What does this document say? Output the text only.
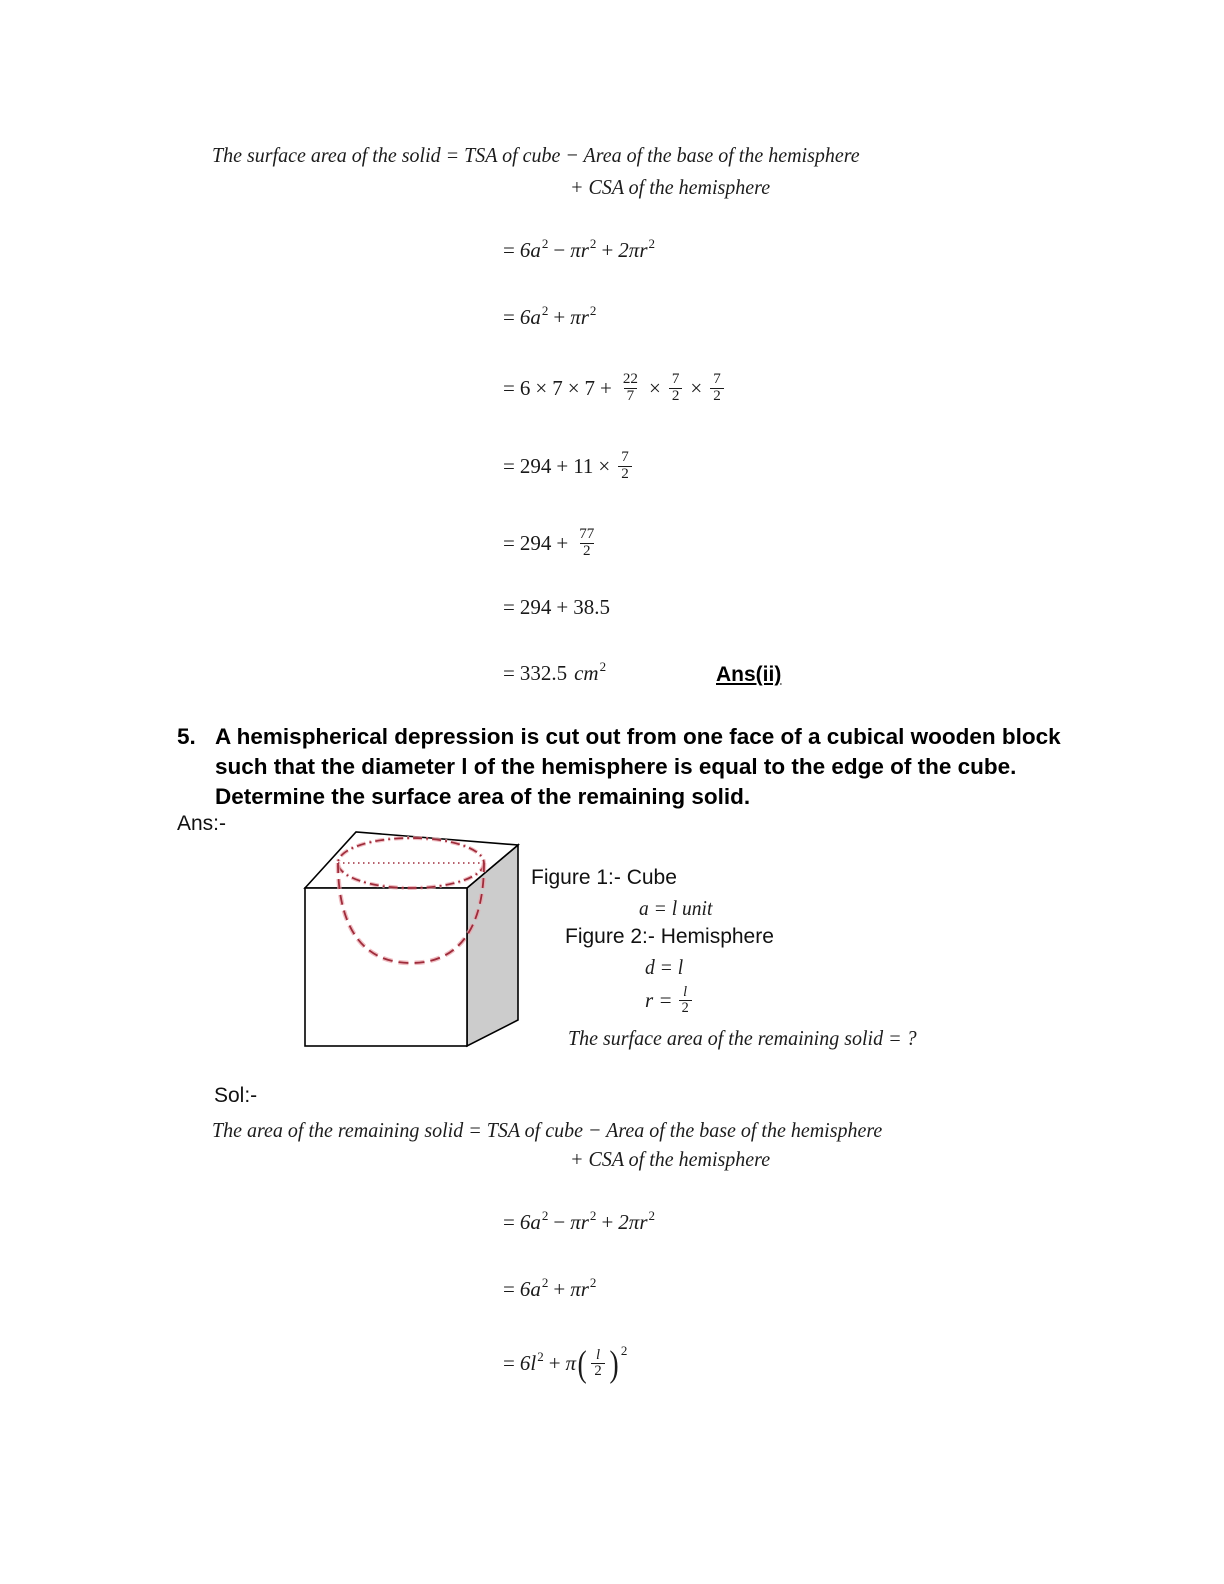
The surface area of the solid = TSA of cube − Area of the base of the hemisphere
+ CSA of the hemisphere
= 6 a 2 − π r 2 + 2 π r 2
= 6 a 2 + π r 2
= $6 \times 7 \times 7 + \frac{22}{7} \times \frac{7}{2} \times \frac{7}{2}$
= $294 + 11 \times \frac{7}{2}$
= $294 + \frac{77}{2}$
= 294 + 38.5
= 332.5 cm 2	Ans(ii)
5. A hemispherical depression is cut out from one face of a cubical wooden block
such that the diameter l of the hemisphere is equal to the edge of the cube.
Determine the surface area of the remaining solid.
Ans:-
Figure 1:- Cube
a = l unit
Figure 2:- Hemisphere
d = l
$r = \frac{l}{2}$
The surface area of the remaining solid = ?
Sol:-
The area of the remaining solid = TSA of cube − Area of the base of the hemisphere
+ CSA of the hemisphere
= 6 a 2 − π r 2 + 2 π r 2
= 6 a 2 + π r 2
= 6 l 2 + π ( $\frac{l}{2}$ ) 2
